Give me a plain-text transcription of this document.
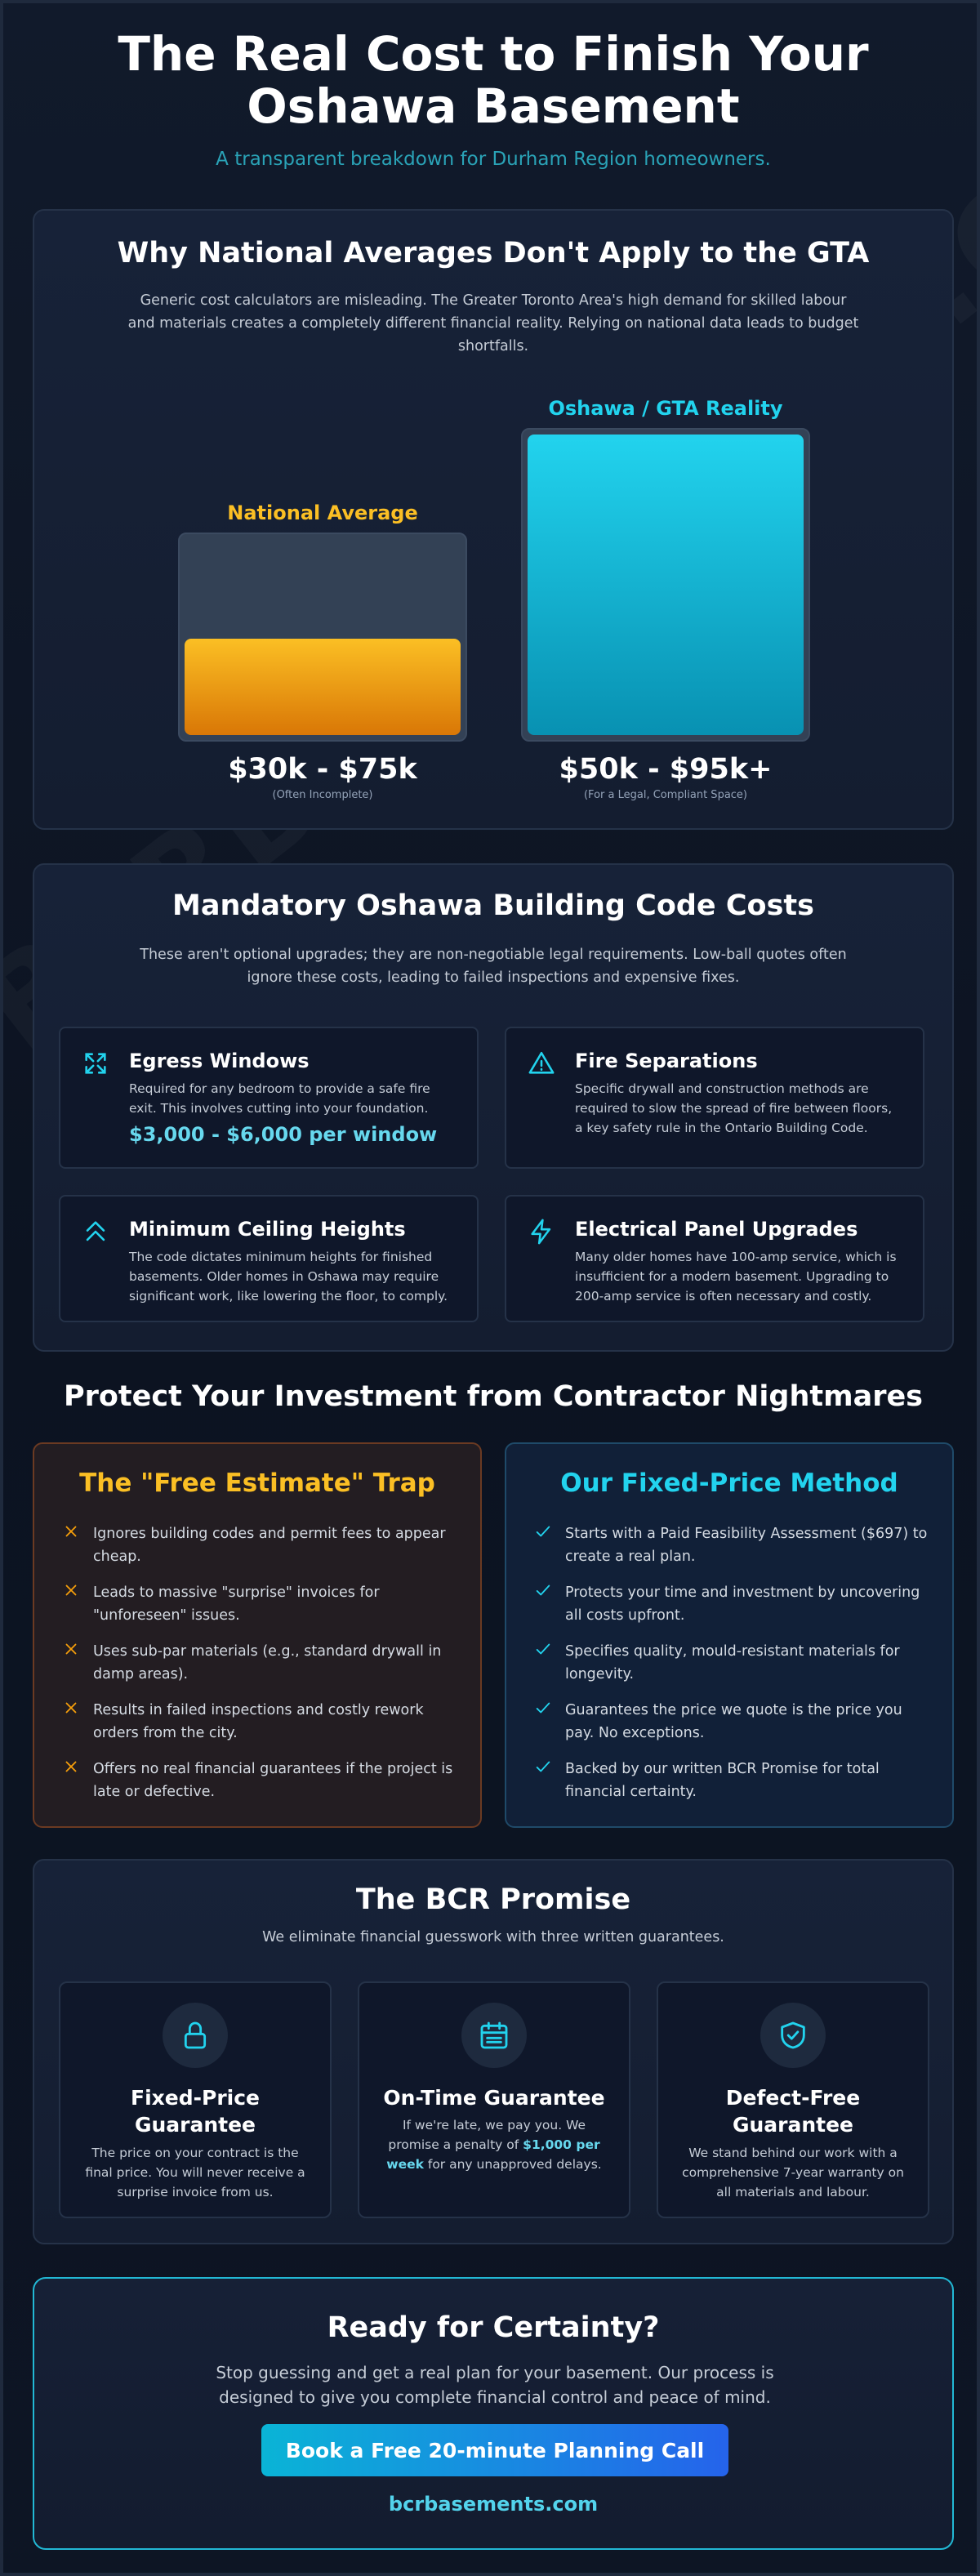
The Real Cost to Finish Your
Oshawa Basement

A transparent breakdown for Durham Region homeowners.

Why National Averages Don't Apply to the GTA

Generic cost calculators are misleading. The Greater Toronto Area's high demand for skilled labour and materials creates a completely different financial reality. Relying on national data leads to budget shortfalls.

National Average
$30k - $75k
(Often Incomplete)
Oshawa / GTA Reality
$50k - $95k+
(For a Legal, Compliant Space)
Mandatory Oshawa Building Code Costs

These aren't optional upgrades; they are non-negotiable legal requirements. Low-ball quotes often ignore these costs, leading to failed inspections and expensive fixes.

Egress Windows
Required for any bedroom to provide a safe fire exit. This involves cutting into your foundation.
$3,000 - $6,000 per window
Fire Separations
Specific drywall and construction methods are required to slow the spread of fire between floors, a key safety rule in the Ontario Building Code.
Minimum Ceiling Heights
The code dictates minimum heights for finished basements. Older homes in Oshawa may require significant work, like lowering the floor, to comply.
Electrical Panel Upgrades
Many older homes have 100-amp service, which is insufficient for a modern basement. Upgrading to 200-amp service is often necessary and costly.
Protect Your Investment from Contractor Nightmares
The "Free Estimate" Trap
Ignores building codes and permit fees to appear cheap.
Leads to massive "surprise" invoices for "unforeseen" issues.
Uses sub-par materials (e.g., standard drywall in damp areas).
Results in failed inspections and costly rework orders from the city.
Offers no real financial guarantees if the project is late or defective.
Our Fixed-Price Method
Starts with a Paid Feasibility Assessment ($697) to create a real plan.
Protects your time and investment by uncovering all costs upfront.
Specifies quality, mould-resistant materials for longevity.
Guarantees the price we quote is the price you pay. No exceptions.
Backed by our written BCR Promise for total financial certainty.
The BCR Promise

We eliminate financial guesswork with three written guarantees.

Fixed-Price
Guarantee
The price on your contract is the final price. You will never receive a surprise invoice from us.
On-Time Guarantee
If we're late, we pay you. We promise a penalty of $1,000 per week for any unapproved delays.
Defect-Free
Guarantee
We stand behind our work with a comprehensive 7-year warranty on all materials and labour.
Ready for Certainty?

Stop guessing and get a real plan for your basement. Our process is designed to give you complete financial control and peace of mind.

Book a Free 20-minute Planning Call
bcrbasements.com
